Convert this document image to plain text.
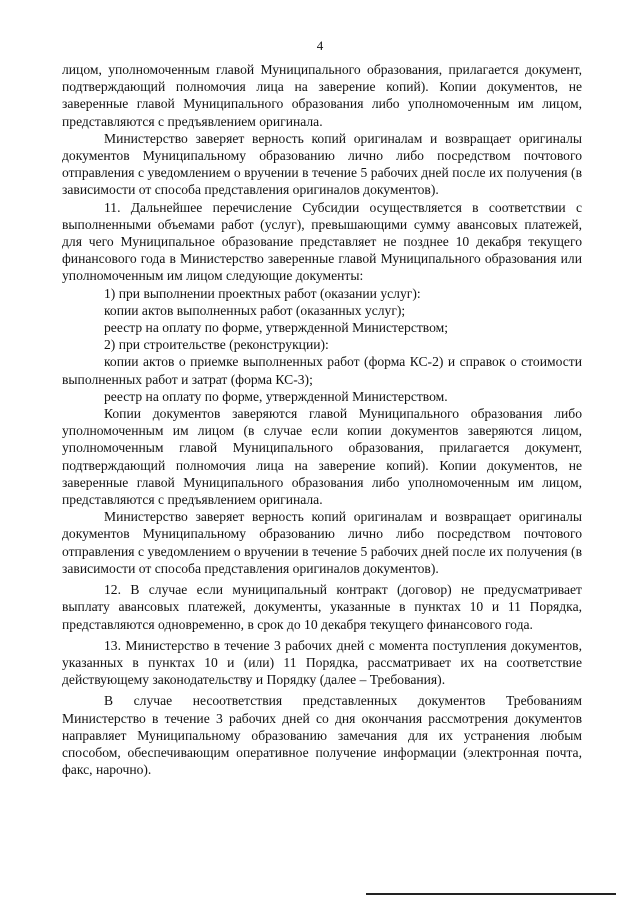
4

лицом, уполномоченным главой Муниципального образования, прилагается документ, подтверждающий полномочия лица на заверение копий). Копии документов, не заверенные главой Муниципального образования либо уполномоченным им лицом, представляются с предъявлением оригинала.

Министерство заверяет верность копий оригиналам и возвращает оригиналы документов Муниципальному образованию лично либо посредством почтового отправления с уведомлением о вручении в течение 5 рабочих дней после их получения (в зависимости от способа представления оригиналов документов).

11. Дальнейшее перечисление Субсидии осуществляется в соответствии с выполненными объемами работ (услуг), превышающими сумму авансовых платежей, для чего Муниципальное образование представляет не позднее 10 декабря текущего финансового года в Министерство заверенные главой Муниципального образования или уполномоченным им лицом следующие документы:

1) при выполнении проектных работ (оказании услуг):

копии актов выполненных работ (оказанных услуг);

реестр на оплату по форме, утвержденной Министерством;

2) при строительстве (реконструкции):

копии актов о приемке выполненных работ (форма КС-2) и справок о стоимости выполненных работ и затрат (форма КС-3);

реестр на оплату по форме, утвержденной Министерством.

Копии документов заверяются главой Муниципального образования либо уполномоченным им лицом (в случае если копии документов заверяются лицом, уполномоченным главой Муниципального образования, прилагается документ, подтверждающий полномочия лица на заверение копий). Копии документов, не заверенные главой Муниципального образования либо уполномоченным им лицом, представляются с предъявлением оригинала.

Министерство заверяет верность копий оригиналам и возвращает оригиналы документов Муниципальному образованию лично либо посредством почтового отправления с уведомлением о вручении в течение 5 рабочих дней после их получения (в зависимости от способа представления оригиналов документов).

12. В случае если муниципальный контракт (договор) не предусматривает выплату авансовых платежей, документы, указанные в пунктах 10 и 11 Порядка, представляются одновременно, в срок до 10 декабря текущего финансового года.

13. Министерство в течение 3 рабочих дней с момента поступления документов, указанных в пунктах 10 и (или) 11 Порядка, рассматривает их на соответствие действующему законодательству и Порядку (далее – Требования).

В случае несоответствия представленных документов Требованиям Министерство в течение 3 рабочих дней со дня окончания рассмотрения документов направляет Муниципальному образованию замечания для их устранения любым способом, обеспечивающим оперативное получение информации (электронная почта, факс, нарочно).
